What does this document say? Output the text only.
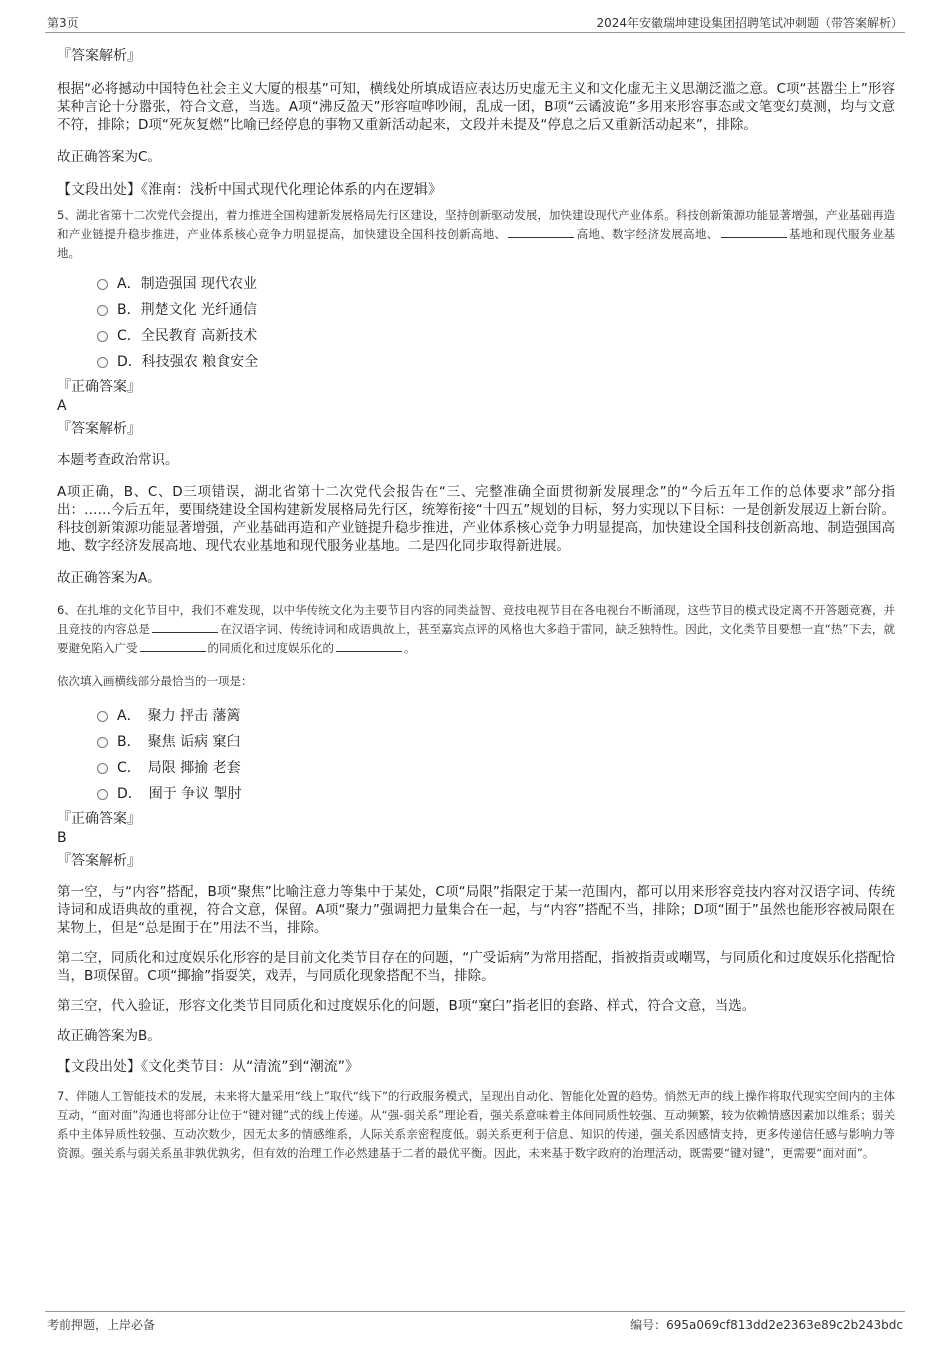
第3页	2024年安徽瑞坤建设集团招聘笔试冲刺题（带答案解析）

『答案解析』

根据“必将撼动中国特色社会主义大厦的根基”可知，横线处所填成语应表达历史虚无主义和文化虚无主义思潮泛滥之意。C项“甚嚣尘上”形容某种言论十分嚣张，符合文意，当选。A项“沸反盈天”形容喧哗吵闹，乱成一团，B项“云谲波诡”多用来形容事态或文笔变幻莫测，均与文意不符，排除；D项“死灰复燃”比喻已经停息的事物又重新活动起来，文段并未提及“停息之后又重新活动起来”，排除。

故正确答案为C。

【文段出处】《淮南：浅析中国式现代化理论体系的内在逻辑》

5、湖北省第十二次党代会提出，着力推进全国构建新发展格局先行区建设，坚持创新驱动发展，加快建设现代产业体系。科技创新策源功能显著增强，产业基础再造和产业链提升稳步推进，产业体系核心竞争力明显提高，加快建设全国科技创新高地、	高地、数字经济发展高地、	基地和现代服务业基地。

A．制造强国 现代农业
B．荆楚文化 光纤通信
C．全民教育 高新技术
D．科技强农 粮食安全

『正确答案』

A

『答案解析』

本题考查政治常识。

A项正确，B、C、D三项错误，湖北省第十二次党代会报告在“三、完整准确全面贯彻新发展理念”的“今后五年工作的总体要求”部分指出：……今后五年，要围绕建设全国构建新发展格局先行区，统筹衔接“十四五”规划的目标，努力实现以下目标：一是创新发展迈上新台阶。科技创新策源功能显著增强，产业基础再造和产业链提升稳步推进，产业体系核心竞争力明显提高，加快建设全国科技创新高地、制造强国高地、数字经济发展高地、现代农业基地和现代服务业基地。二是四化同步取得新进展。

故正确答案为A。

6、在扎堆的文化节目中，我们不难发现，以中华传统文化为主要节目内容的同类益智、竞技电视节目在各电视台不断涌现，这些节目的模式设定离不开答题竞赛，并且竞技的内容总是	在汉语字词、传统诗词和成语典故上，甚至嘉宾点评的风格也大多趋于雷同，缺乏独特性。因此，文化类节目要想一直“热”下去，就要避免陷入广受	的同质化和过度娱乐化的	。

依次填入画横线部分最恰当的一项是：

A．　聚力 抨击 藩篱
B．　聚焦 诟病 窠臼
C．　局限 揶揄 老套
D．　囿于 争议 掣肘

『正确答案』

B

『答案解析』

第一空，与“内容”搭配，B项“聚焦”比喻注意力等集中于某处，C项“局限”指限定于某一范围内，都可以用来形容竞技内容对汉语字词、传统诗词和成语典故的重视，符合文意，保留。A项“聚力”强调把力量集合在一起，与“内容”搭配不当，排除；D项“囿于”虽然也能形容被局限在某物上，但是“总是囿于在”用法不当，排除。

第二空，同质化和过度娱乐化形容的是目前文化类节目存在的问题，“广受诟病”为常用搭配，指被指责或嘲骂，与同质化和过度娱乐化搭配恰当，B项保留。C项“揶揄”指耍笑，戏弄，与同质化现象搭配不当，排除。

第三空，代入验证，形容文化类节目同质化和过度娱乐化的问题，B项“窠臼”指老旧的套路、样式，符合文意，当选。

故正确答案为B。

【文段出处】《文化类节目：从“清流”到“潮流”》

7、伴随人工智能技术的发展，未来将大量采用“线上”取代“线下”的行政服务模式，呈现出自动化、智能化处置的趋势。悄然无声的线上操作将取代现实空间内的主体互动，“面对面”沟通也将部分让位于“键对键”式的线上传递。从“强-弱关系”理论看，强关系意味着主体间同质性较强、互动频繁，较为依赖情感因素加以维系；弱关系中主体异质性较强、互动次数少，因无太多的情感维系，人际关系亲密程度低。弱关系更利于信息、知识的传递，强关系因感情支持，更多传递信任感与影响力等资源。强关系与弱关系虽非孰优孰劣，但有效的治理工作必然建基于二者的最优平衡。因此，未来基于数字政府的治理活动，既需要“键对键”，更需要“面对面”。

考前押题，上岸必备	编号：695a069cf813dd2e2363e89c2b243bdc
